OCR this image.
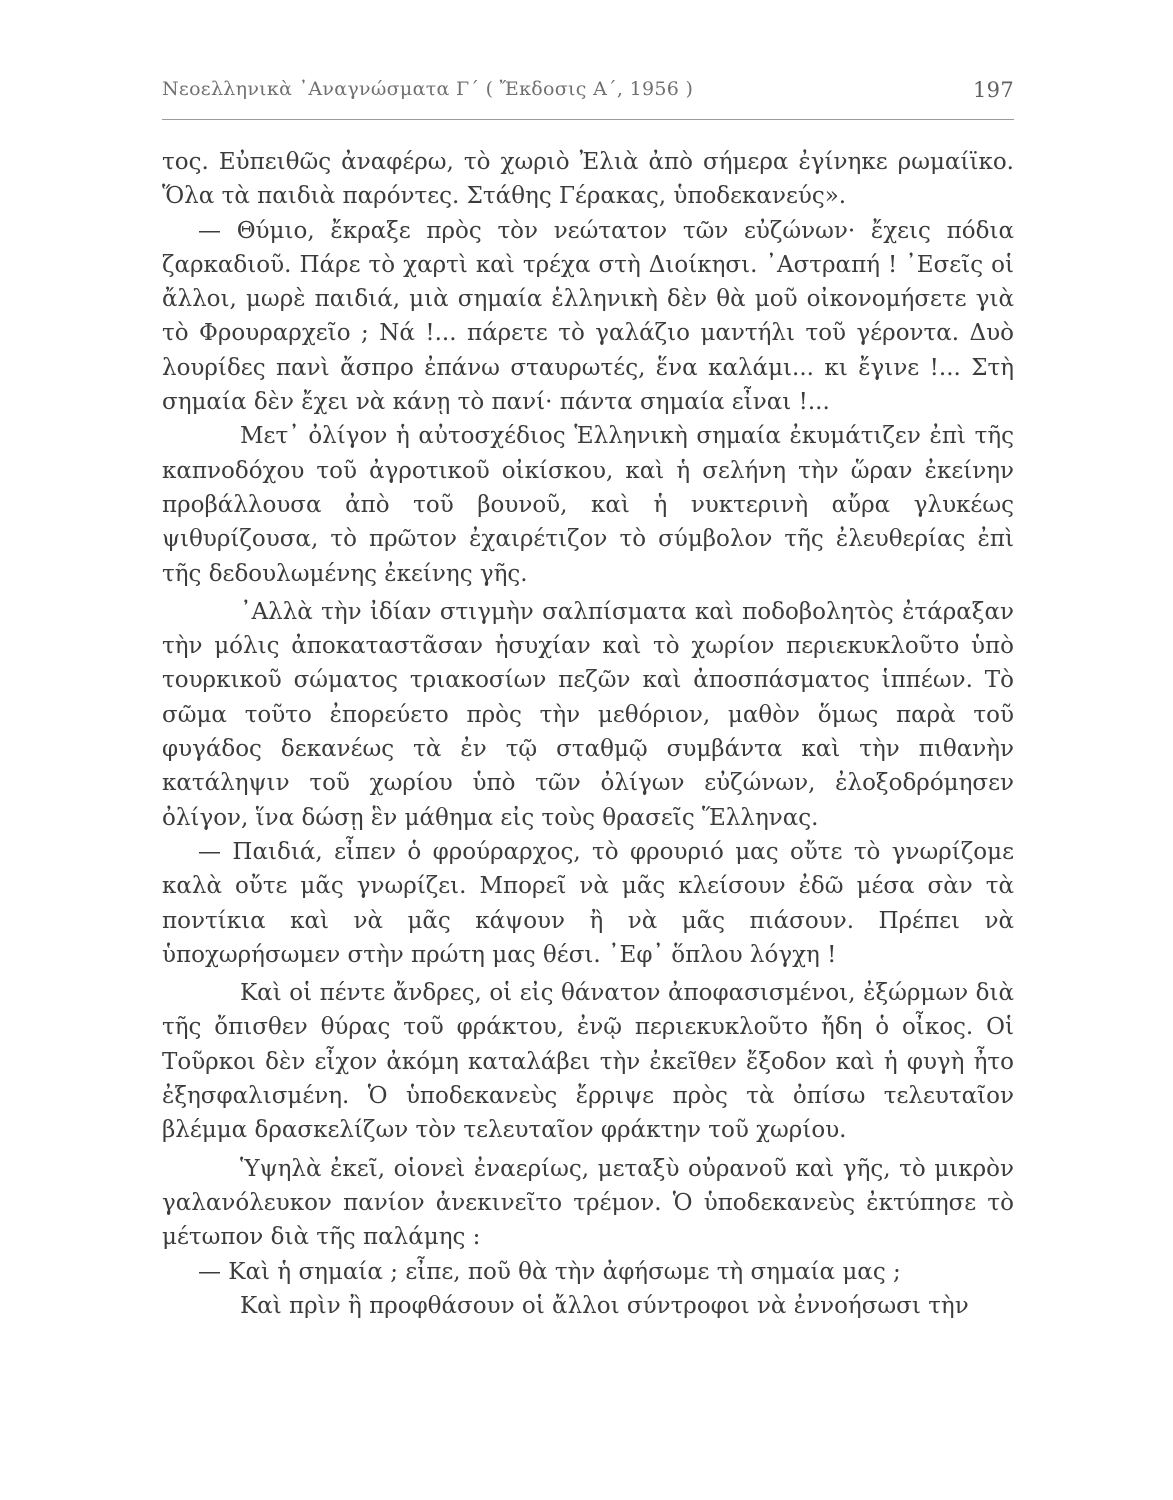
Νεοελληνικὰ ᾿Αναγνώσματα Γ´ ( Ἔκδοσις Α´, 1956 )	197

τος. Εὐπειθῶς ἀναφέρω, τὸ χωριὸ Ἐλιὰ ἀπὸ σήμερα ἐγίνηκε ρωμαίϊκο. Ὅλα τὰ παιδιὰ παρόντες. Στάθης Γέρακας, ὑποδεκανεύς».

— Θύμιο, ἔκραξε πρὸς τὸν νεώτατον τῶν εὐζώνων· ἔχεις πόδια ζαρκαδιοῦ. Πάρε τὸ χαρτὶ καὶ τρέχα στὴ Διοίκησι. ᾿Αστραπή ! ᾿Εσεῖς οἱ ἄλλοι, μωρὲ παιδιά, μιὰ σημαία ἑλληνικὴ δὲν θὰ μοῦ οἰκονομήσετε γιὰ τὸ Φρουραρχεῖο ; Νά !... πάρετε τὸ γαλάζιο μαντήλι τοῦ γέροντα. Δυὸ λουρίδες πανὶ ἄσπρο ἐπάνω σταυρωτές, ἕνα καλάμι... κι ἔγινε !... Στὴ σημαία δὲν ἔχει νὰ κάνῃ τὸ πανί· πάντα σημαία εἶναι !...

Μετ᾿ ὀλίγον ἡ αὐτοσχέδιος Ἑλληνικὴ σημαία ἐκυμάτιζεν ἐπὶ τῆς καπνοδόχου τοῦ ἀγροτικοῦ οἰκίσκου, καὶ ἡ σελήνη τὴν ὥραν ἐκείνην προβάλλουσα ἀπὸ τοῦ βουνοῦ, καὶ ἡ νυκτερινὴ αὔρα γλυκέως ψιθυρίζουσα, τὸ πρῶτον ἐχαιρέτιζον τὸ σύμβολον τῆς ἐλευθερίας ἐπὶ τῆς δεδουλωμένης ἐκείνης γῆς.

᾿Αλλὰ τὴν ἰδίαν στιγμὴν σαλπίσματα καὶ ποδοβολητὸς ἐτάραξαν τὴν μόλις ἀποκαταστᾶσαν ἡσυχίαν καὶ τὸ χωρίον περιεκυκλοῦτο ὑπὸ τουρκικοῦ σώματος τριακοσίων πεζῶν καὶ ἀποσπάσματος ἱππέων. Τὸ σῶμα τοῦτο ἐπορεύετο πρὸς τὴν μεθόριον, μαθὸν ὅμως παρὰ τοῦ φυγάδος δεκανέως τὰ ἐν τῷ σταθμῷ συμβάντα καὶ τὴν πιθανὴν κατάληψιν τοῦ χωρίου ὑπὸ τῶν ὀλίγων εὐζώνων, ἐλοξοδρόμησεν ὀλίγον, ἵνα δώσῃ ἓν μάθημα εἰς τοὺς θρασεῖς Ἕλληνας.

— Παιδιά, εἶπεν ὁ φρούραρχος, τὸ φρουριό μας οὔτε τὸ γνωρίζομε καλὰ οὔτε μᾶς γνωρίζει. Μπορεῖ νὰ μᾶς κλείσουν ἐδῶ μέσα σὰν τὰ ποντίκια καὶ νὰ μᾶς κάψουν ἢ νὰ μᾶς πιάσουν. Πρέπει νὰ ὑποχωρήσωμεν στὴν πρώτη μας θέσι. ᾿Εφ᾿ ὅπλου λόγχη !

Καὶ οἱ πέντε ἄνδρες, οἱ εἰς θάνατον ἀποφασισμένοι, ἐξώρμων διὰ τῆς ὄπισθεν θύρας τοῦ φράκτου, ἐνῷ περιεκυκλοῦτο ἤδη ὁ οἶκος. Οἱ Τοῦρκοι δὲν εἶχον ἀκόμη καταλάβει τὴν ἐκεῖθεν ἔξοδον καὶ ἡ φυγὴ ἦτο ἐξησφαλισμένη. Ὁ ὑποδεκανεὺς ἔρριψε πρὸς τὰ ὀπίσω τελευταῖον βλέμμα δρασκελίζων τὸν τελευταῖον φράκτην τοῦ χωρίου.

Ὑψηλὰ ἐκεῖ, οἱονεὶ ἐναερίως, μεταξὺ οὐρανοῦ καὶ γῆς, τὸ μικρὸν γαλανόλευκον πανίον ἀνεκινεῖτο τρέμον. Ὁ ὑποδεκανεὺς ἐκτύπησε τὸ μέτωπον διὰ τῆς παλάμης :

— Καὶ ἡ σημαία ; εἶπε, ποῦ θὰ τὴν ἀφήσωμε τὴ σημαία μας ;

Καὶ πρὶν ἢ προφθάσουν οἱ ἄλλοι σύντροφοι νὰ ἐννοήσωσι τὴν
